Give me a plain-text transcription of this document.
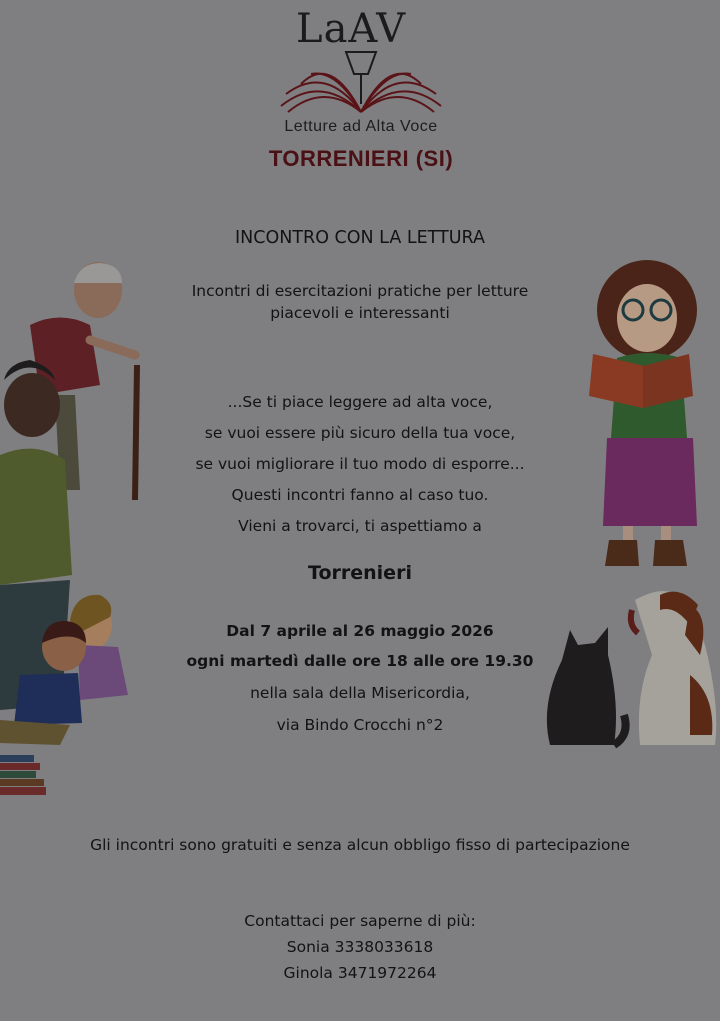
LaAV
Letture ad Alta Voce
TORRENIERI (SI)
INCONTRO CON LA LETTURA
Incontri di esercitazioni pratiche per letture
piacevoli e interessanti
...Se ti piace leggere ad alta voce,
se vuoi essere più sicuro della tua voce,
se vuoi migliorare il tuo modo di esporre...
Questi incontri fanno al caso tuo.
Vieni a trovarci, ti aspettiamo a
Torrenieri
Dal 7 aprile al 26 maggio 2026
ogni martedì dalle ore 18 alle ore 19.30
nella sala della Misericordia,
via Bindo Crocchi n°2
Gli incontri sono gratuiti e senza alcun obbligo fisso di partecipazione
Contattaci per saperne di più:
Sonia 3338033618
Ginola 3471972264
